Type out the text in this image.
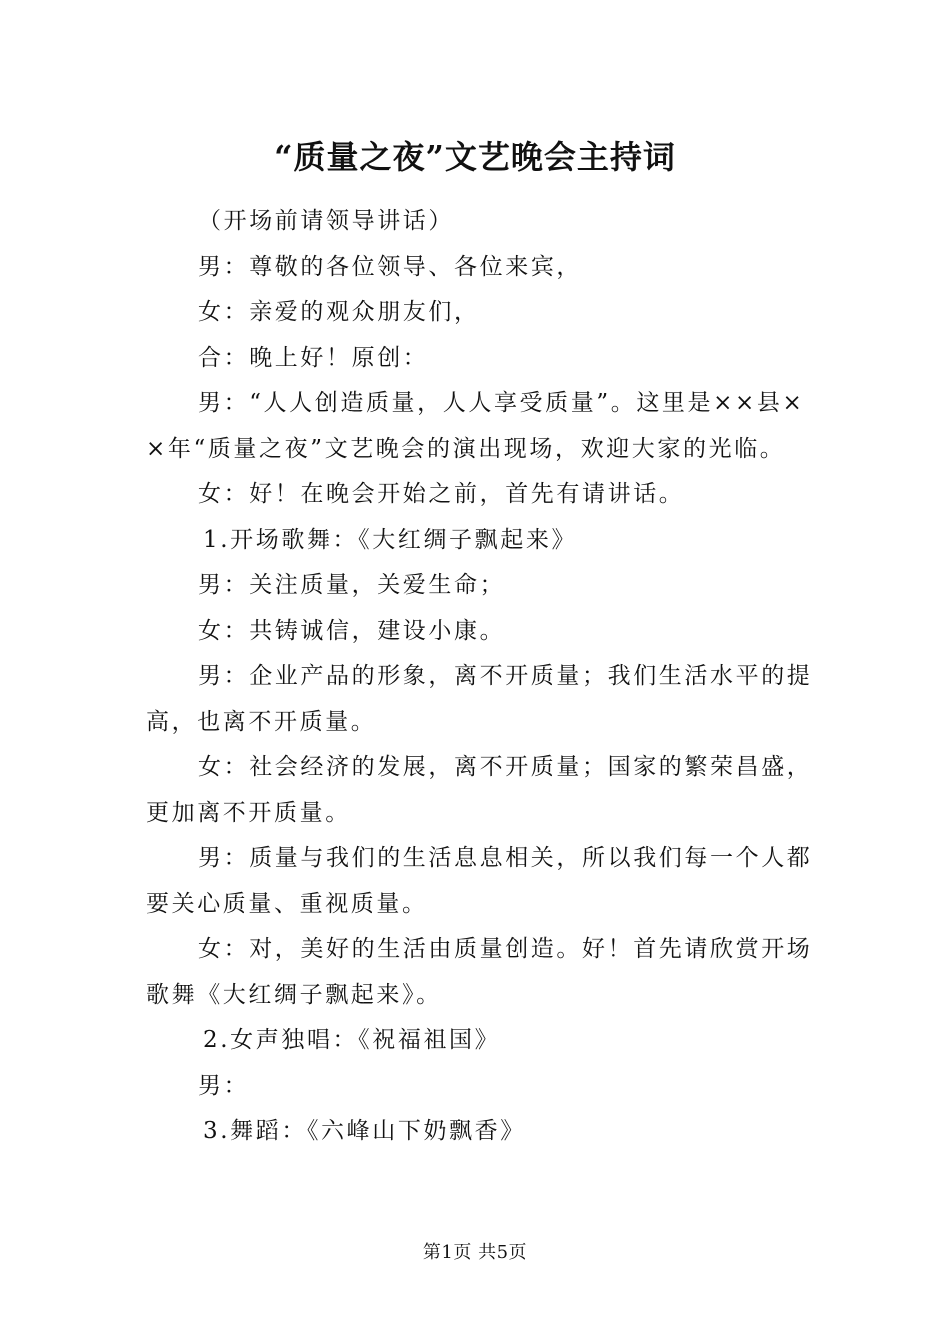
“质量之夜”文艺晚会主持词

（开场前请领导讲话）

男：尊敬的各位领导、各位来宾，

女：亲爱的观众朋友们，

合：晚上好！原创：

男：“人人创造质量，人人享受质量”。这里是××县××年“质量之夜”文艺晚会的演出现场，欢迎大家的光临。

女：好！在晚会开始之前，首先有请讲话。

1.开场歌舞：《大红绸子飘起来》

男：关注质量，关爱生命；

女：共铸诚信，建设小康。

男：企业产品的形象，离不开质量；我们生活水平的提高，也离不开质量。

女：社会经济的发展，离不开质量；国家的繁荣昌盛，更加离不开质量。

男：质量与我们的生活息息相关，所以我们每一个人都要关心质量、重视质量。

女：对，美好的生活由质量创造。好！首先请欣赏开场歌舞《大红绸子飘起来》。

2.女声独唱：《祝福祖国》

男：

3.舞蹈：《六峰山下奶飘香》

第1页 共5页
